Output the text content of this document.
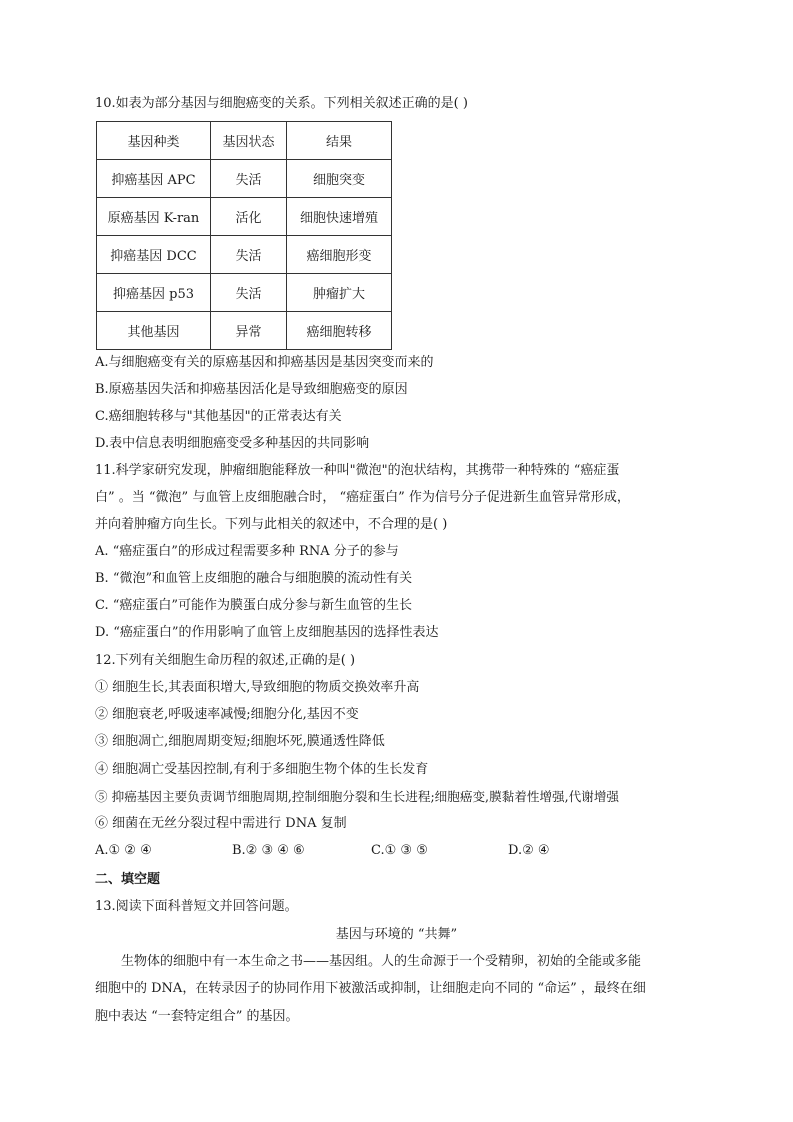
10.如表为部分基因与细胞癌变的关系。下列相关叙述正确的是( )
基因种类	基因状态	结果
抑癌基因 APC	失活	细胞突变
原癌基因 K-ran	活化	细胞快速增殖
抑癌基因 DCC	失活	癌细胞形变
抑癌基因 p53	失活	肿瘤扩大
其他基因	异常	癌细胞转移
A.与细胞癌变有关的原癌基因和抑癌基因是基因突变而来的
B.原癌基因失活和抑癌基因活化是导致细胞癌变的原因
C.癌细胞转移与"其他基因"的正常表达有关
D.表中信息表明细胞癌变受多种基因的共同影响
11.科学家研究发现，肿瘤细胞能释放一种叫"微泡"的泡状结构，其携带一种特殊的 “癌症蛋
白” 。当 “微泡” 与血管上皮细胞融合时， “癌症蛋白” 作为信号分子促进新生血管异常形成，
并向着肿瘤方向生长。下列与此相关的叙述中，不合理的是( )
A. “癌症蛋白”的形成过程需要多种 RNA 分子的参与
B. “微泡”和血管上皮细胞的融合与细胞膜的流动性有关
C. “癌症蛋白”可能作为膜蛋白成分参与新生血管的生长
D. “癌症蛋白”的作用影响了血管上皮细胞基因的选择性表达
12.下列有关细胞生命历程的叙述,正确的是( )
① 细胞生长,其表面积增大,导致细胞的物质交换效率升高
② 细胞衰老,呼吸速率减慢;细胞分化,基因不变
③ 细胞凋亡,细胞周期变短;细胞坏死,膜通透性降低
④ 细胞凋亡受基因控制,有利于多细胞生物个体的生长发育
⑤ 抑癌基因主要负责调节细胞周期,控制细胞分裂和生长进程;细胞癌变,膜黏着性增强,代谢增强
⑥ 细菌在无丝分裂过程中需进行 DNA 复制
A.① ② ④	B.② ③ ④ ⑥	C.① ③ ⑤	D.② ④
二、填空题
13.阅读下面科普短文并回答问题。
基因与环境的 “共舞”
生物体的细胞中有一本生命之书——基因组。人的生命源于一个受精卵，初始的全能或多能
细胞中的 DNA，在转录因子的协同作用下被激活或抑制，让细胞走向不同的 “命运” ，最终在细
胞中表达 “一套特定组合” 的基因。
